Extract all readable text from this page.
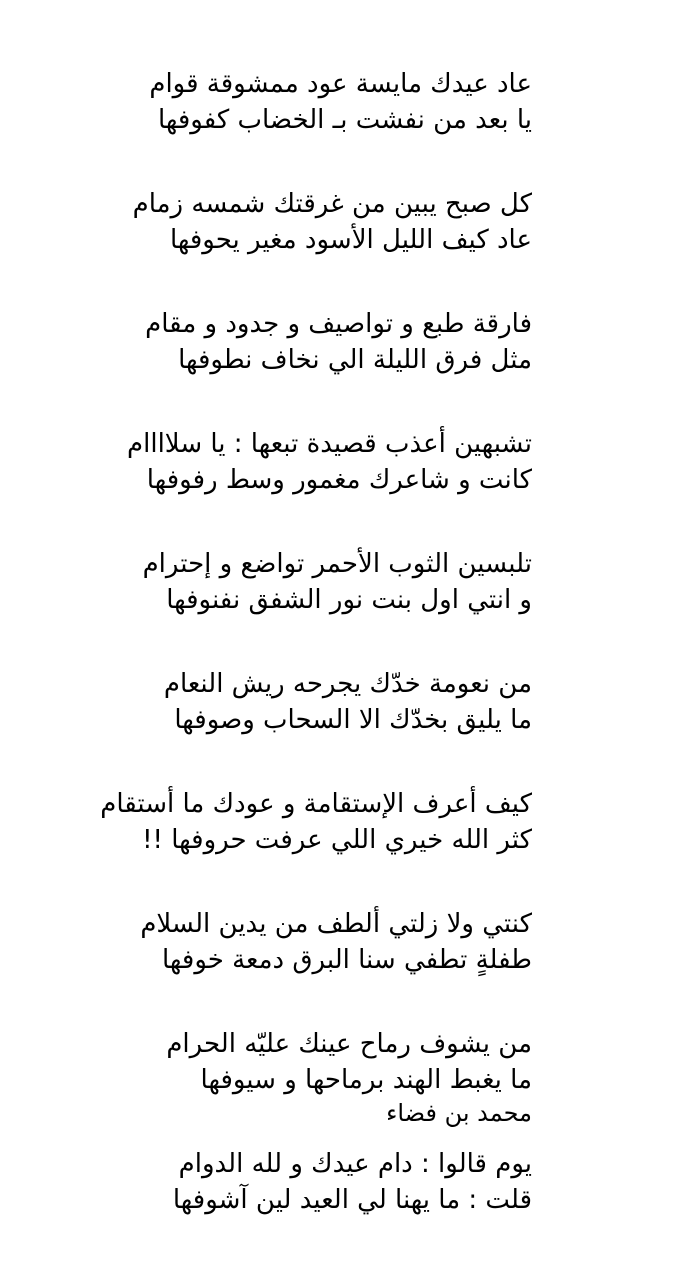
عاد عيدك مايسة عود ممشوقة قوام
يا بعد من نفشت بـ الخضاب كفوفها
كل صبح يبين من غرقتك شمسه زمام
عاد كيف الليل الأسود مغير يحوفها
فارقة طبع و تواصيف و جدود و مقام
مثل فرق الليلة الي نخاف نطوفها
تشبهين أعذب قصيدة تبعها : يا سلاااام
كانت و شاعرك مغمور وسط رفوفها
تلبسين الثوب الأحمر تواضع و إحترام
و انتي اول بنت نور الشفق نفنوفها
من نعومة خدّك يجرحه ريش النعام
ما يليق بخدّك الا السحاب وصوفها
كيف أعرف الإستقامة و عودك ما أستقام
كثر الله خيري اللي عرفت حروفها !!
كنتي ولا زلتي ألطف من يدين السلام
طفلةٍ تطفي سنا البرق دمعة خوفها
من يشوف رماح عينك عليّه الحرام
ما يغبط الهند برماحها و سيوفها
يوم قالوا : دام عيدك و لله الدوام
قلت : ما يهنا لي العيد لين آشوفها
محمد بن فضاء
